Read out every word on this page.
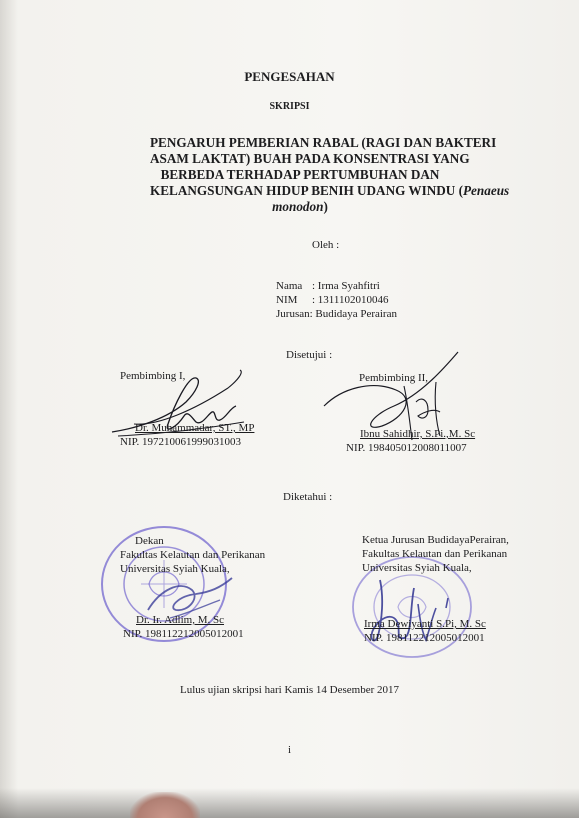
PENGESAHAN
SKRIPSI
PENGARUH PEMBERIAN RABAL (RAGI DAN BAKTERI
ASAM LAKTAT) BUAH PADA KONSENTRASI YANG
BERBEDA TERHADAP PERTUMBUHAN DAN
KELANGSUNGAN HIDUP BENIH UDANG WINDU (Penaeus
monodon)
Oleh :
Nama : Irma Syahfitri
NIM : 1311102010046
Jurusan: Budidaya Perairan
Disetujui :
Pembimbing I,
Dr. Muhammadar, ST., MP
NIP. 197210061999031003
Pembimbing II,
Ibnu Sahidhir, S.Pi.,M. Sc
NIP. 198405012008011007
Diketahui :
Dekan
Fakultas Kelautan dan Perikanan
Universitas Syiah Kuala,
Dr. Ir. Adlim, M. Sc
NIP. 198112212005012001
Ketua Jurusan BudidayaPerairan,
Fakultas Kelautan dan Perikanan
Universitas Syiah Kuala,
Irma Dewiyanti S.Pi, M. Sc
NIP. 198112212005012001
Lulus ujian skripsi hari Kamis 14 Desember 2017
i
